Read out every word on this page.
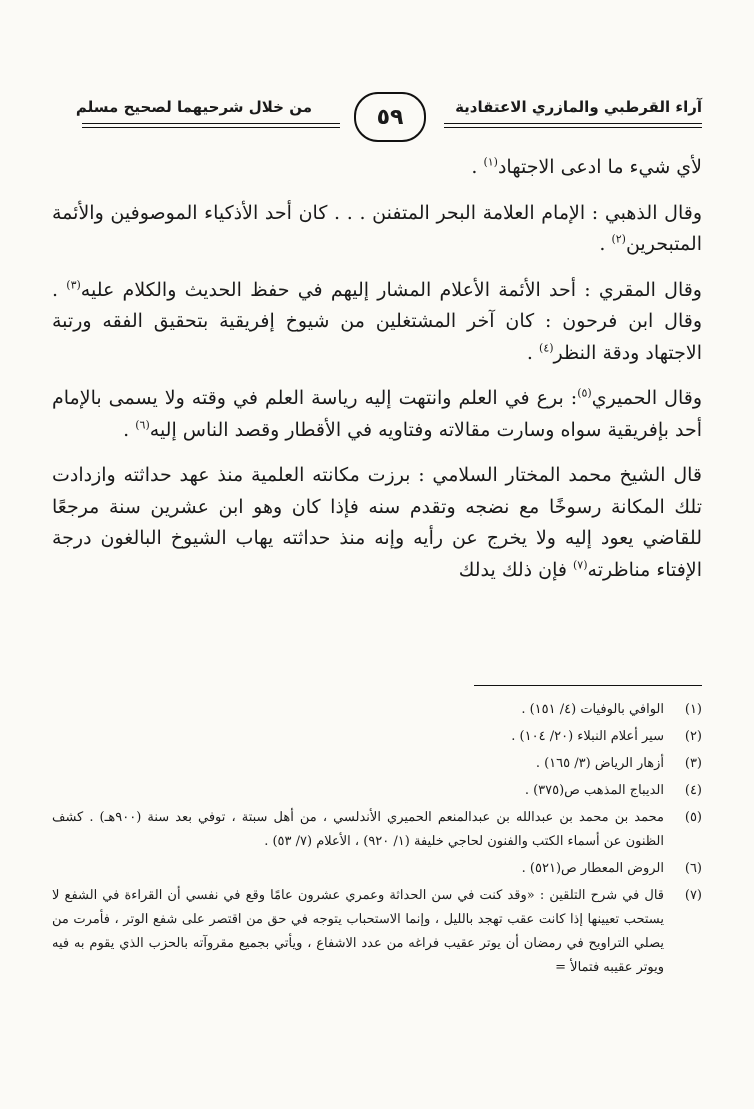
آراء القرطبي والمازري الاعتقادية
٥٩
من خلال شرحيهما لصحيح مسلم

لأي شيء ما ادعى الاجتهاد$^{(١)}$ .

وقال الذهبي : الإمام العلامة البحر المتفنن . . . كان أحد الأذكياء الموصوفين والأئمة المتبحرين$^{(٢)}$ .

وقال المقري : أحد الأئمة الأعلام المشار إليهم في حفظ الحديث والكلام عليه$^{(٣)}$ . وقال ابن فرحون : كان آخر المشتغلين من شيوخ إفريقية بتحقيق الفقه ورتبة الاجتهاد ودقة النظر$^{(٤)}$ .

وقال الحميري$^{(٥)}$: برع في العلم وانتهت إليه رياسة العلم في وقته ولا يسمى بالإمام أحد بإفريقية سواه وسارت مقالاته وفتاويه في الأقطار وقصد الناس إليه$^{(٦)}$ .

قال الشيخ محمد المختار السلامي : برزت مكانته العلمية منذ عهد حداثته وازدادت تلك المكانة رسوخًا مع نضجه وتقدم سنه فإذا كان وهو ابن عشرين سنة مرجعًا للقاضي يعود إليه ولا يخرج عن رأيه وإنه منذ حداثته يهاب الشيوخ البالغون درجة الإفتاء مناظرته$^{(٧)}$ فإن ذلك يدلك

(١)
الوافي بالوفيات (٤/ ١٥١) .
(٢)
سير أعلام النبلاء (٢٠/ ١٠٤) .
(٣)
أزهار الرياض (٣/ ١٦٥) .
(٤)
الديباج المذهب ص(٣٧٥) .
(٥)
محمد بن محمد بن عبدالله بن عبدالمنعم الحميري الأندلسي ، من أهل سبتة ، توفي بعد سنة (٩٠٠هـ) . كشف الظنون عن أسماء الكتب والفنون لحاجي خليفة (١/ ٩٢٠) ، الأعلام (٧/ ٥٣) .
(٦)
الروض المعطار ص(٥٢١) .
(٧)
قال في شرح التلقين : «وقد كنت في سن الحداثة وعمري عشرون عامًا وقع في نفسي أن القراءة في الشفع لا يستحب تعيينها إذا كانت عقب تهجد بالليل ، وإنما الاستحباب يتوجه في حق من اقتصر على شفع الوتر ، فأمرت من يصلي التراويح في رمضان أن يوتر عقيب فراغه من عدد الاشفاع ، ويأتي بجميع مقروآته بالحزب الذي يقوم به فيه ويوتر عقيبه فتمالأ =
